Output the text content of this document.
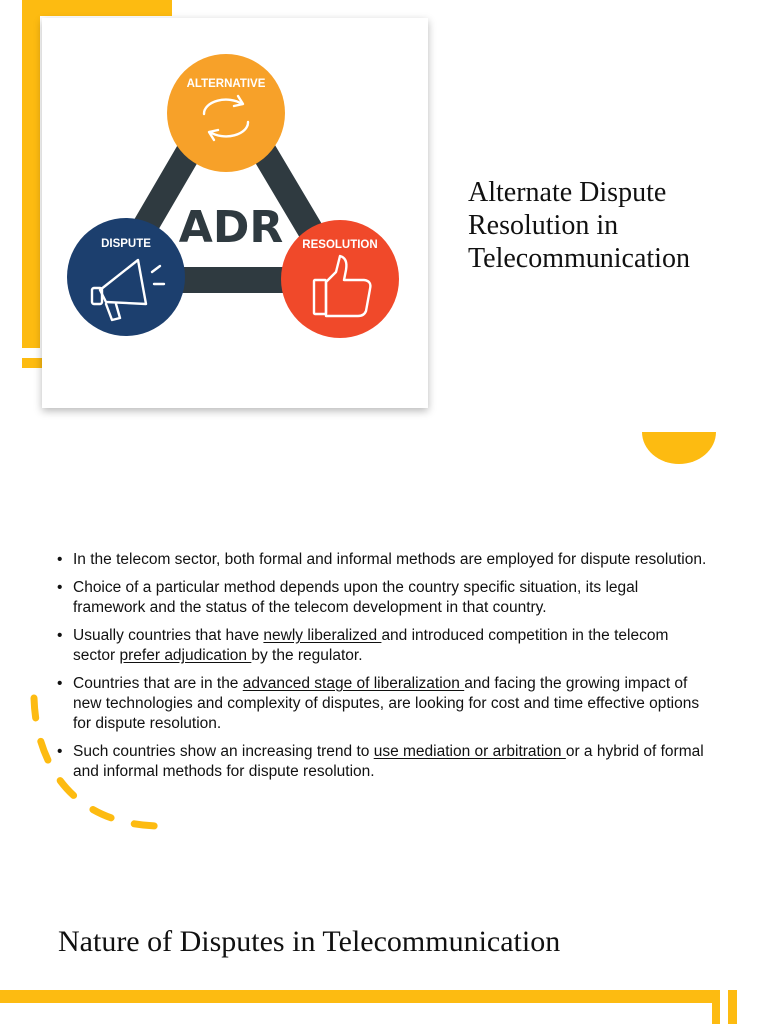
ALTERNATIVE
DISPUTE ADR RESOLUTION
Alternate Dispute Resolution in Telecommunication
• In the telecom sector, both formal and informal methods are employed for dispute resolution.
• Choice of a particular method depends upon the country specific situation, its legal framework and the status of the telecom development in that country.
• Usually countries that have newly liberalized and introduced competition in the telecom sector prefer adjudication by the regulator.
• Countries that are in the advanced stage of liberalization and facing the growing impact of new technologies and complexity of disputes, are looking for cost and time effective options for dispute resolution.
• Such countries show an increasing trend to use mediation or arbitration or a hybrid of formal and informal methods for dispute resolution.
Nature of Disputes in Telecommunication
